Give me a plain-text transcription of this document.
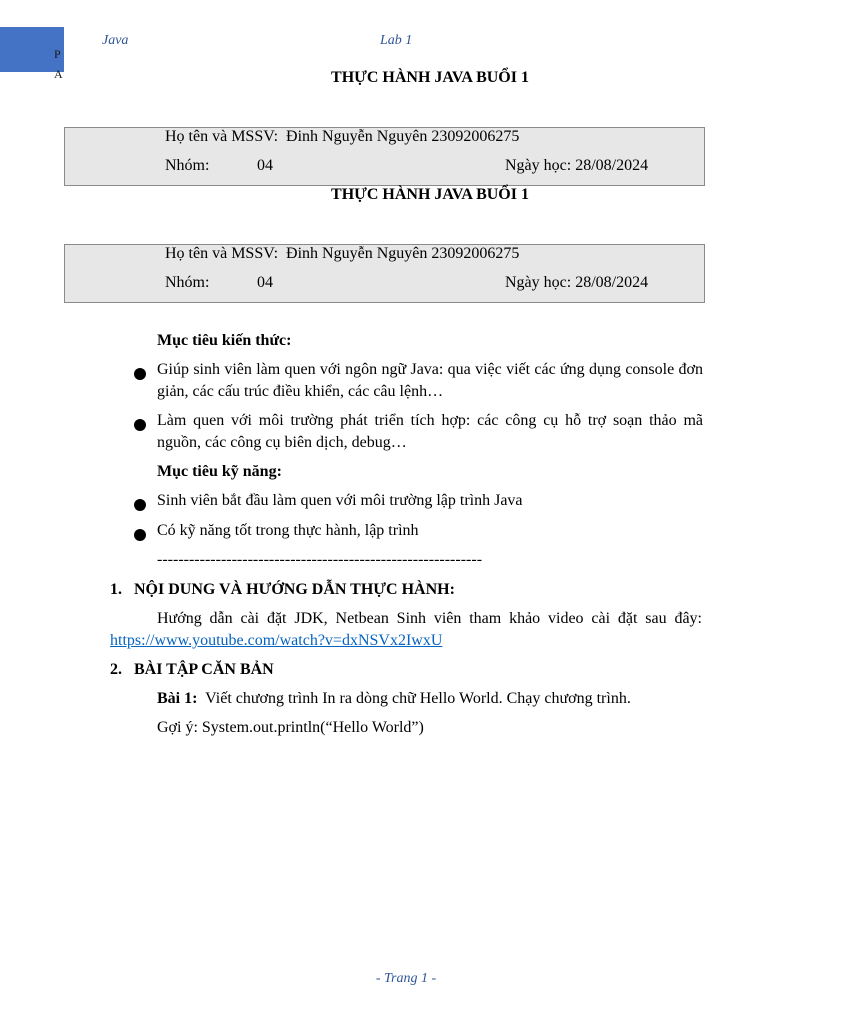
PA
Java	Lab 1
THỰC HÀNH JAVA BUỔI 1
Họ tên và MSSV: Đinh Nguyễn Nguyên 23092006275
Nhóm:	04	Ngày học: 28/08/2024
THỰC HÀNH JAVA BUỔI 1
Họ tên và MSSV: Đinh Nguyễn Nguyên 23092006275
Nhóm:	04	Ngày học: 28/08/2024
Mục tiêu kiến thức:
Giúp sinh viên làm quen với ngôn ngữ Java: qua việc viết các ứng dụng console đơn giản, các cấu trúc điều khiển, các câu lệnh…
Làm quen với môi trường phát triển tích hợp: các công cụ hỗ trợ soạn thảo mã nguồn, các công cụ biên dịch, debug…
Mục tiêu kỹ năng:
Sinh viên bắt đầu làm quen với môi trường lập trình Java
Có kỹ năng tốt trong thực hành, lập trình
-------------------------------------------------------------
1. NỘI DUNG VÀ HƯỚNG DẪN THỰC HÀNH:
Hướng dẫn cài đặt JDK, Netbean Sinh viên tham khảo video cài đặt sau đây: https://www.youtube.com/watch?v=dxNSVx2IwxU
2. BÀI TẬP CĂN BẢN
Bài 1: Viết chương trình In ra dòng chữ Hello World. Chạy chương trình.
Gợi ý: System.out.println(“Hello World”)
- Trang 1 -
